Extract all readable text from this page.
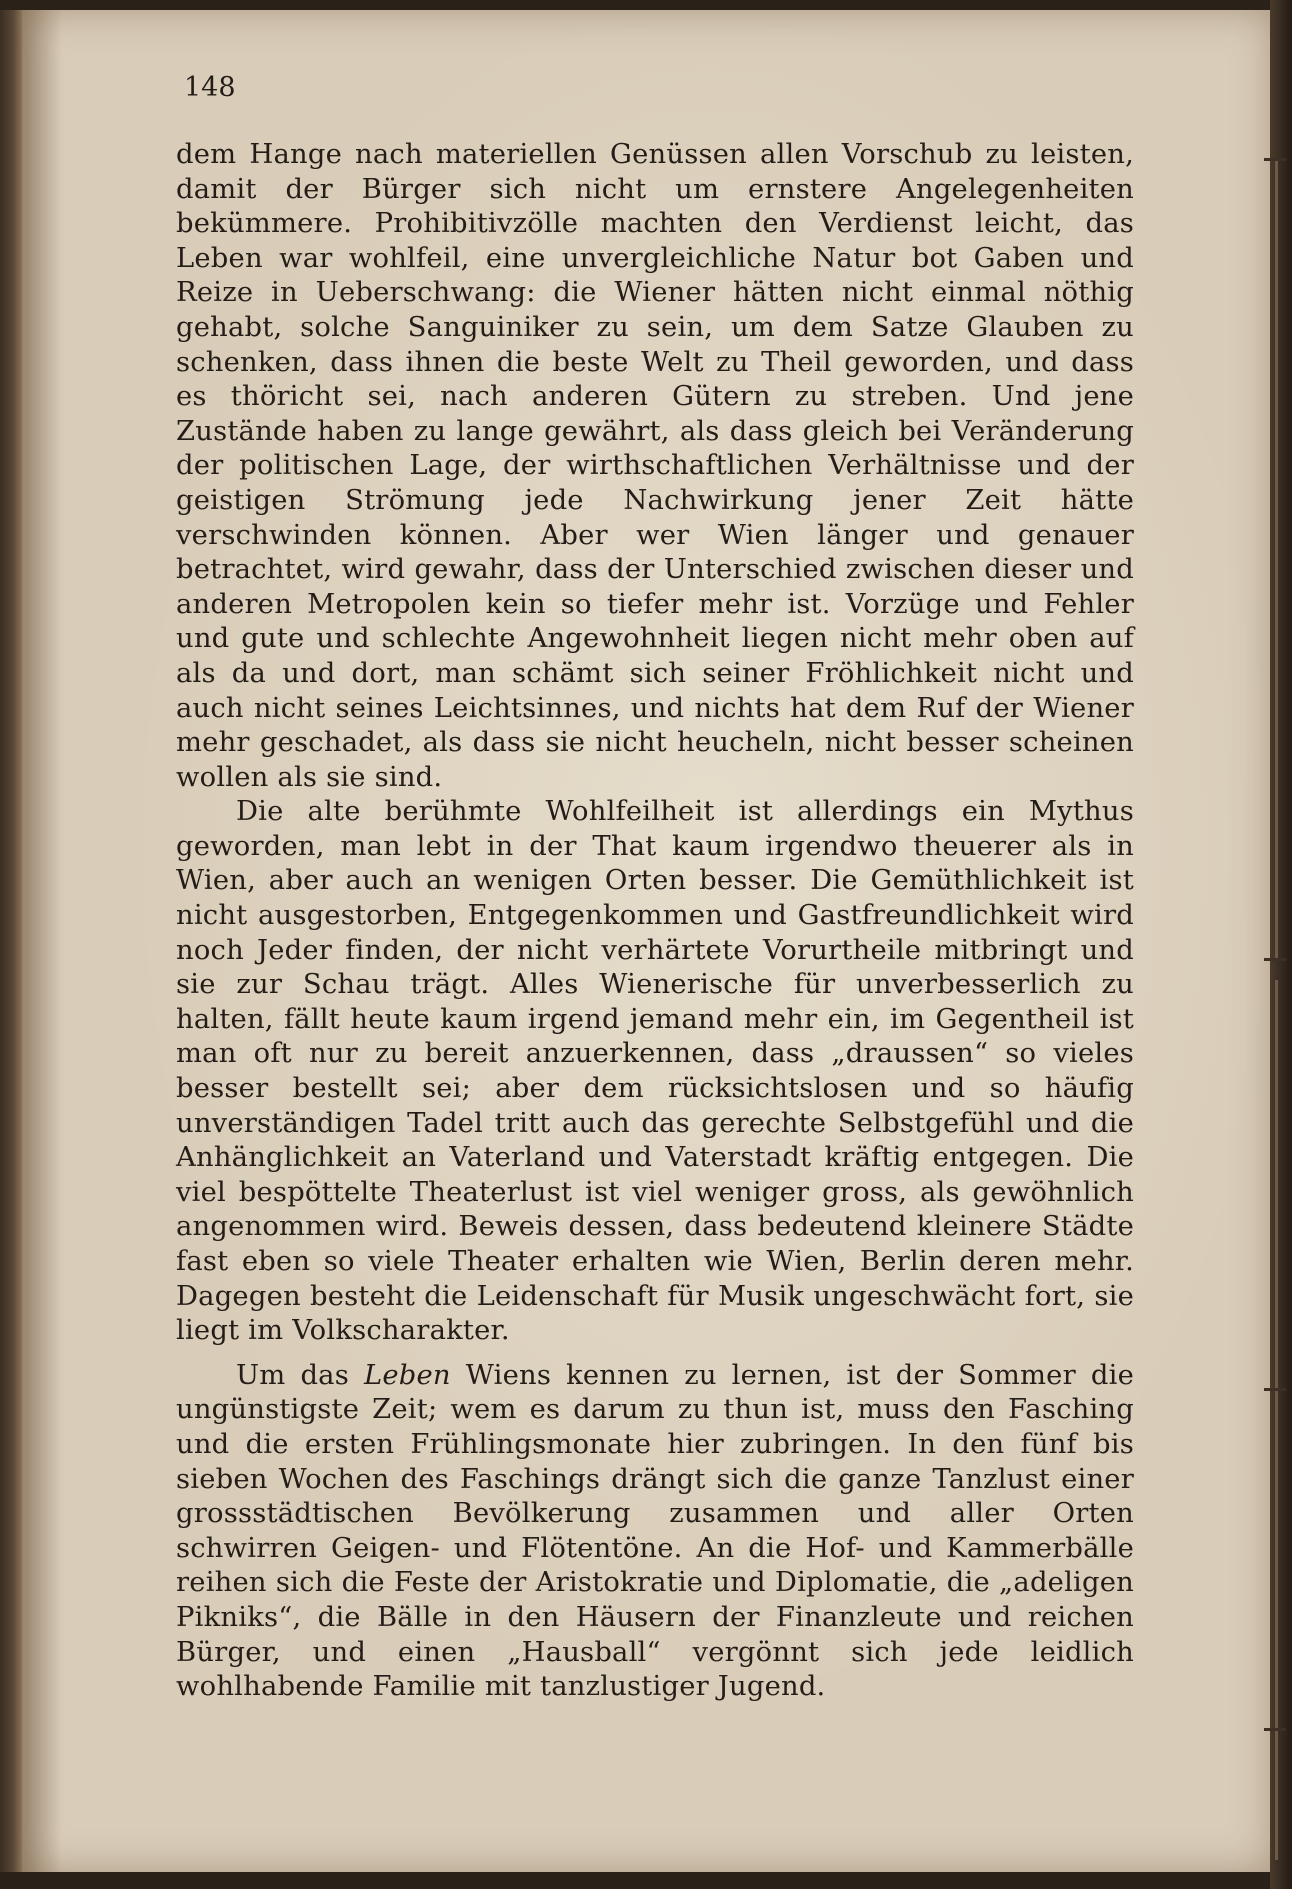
148

dem Hange nach materiellen Genüssen allen Vorschub zu leisten, damit der Bürger sich nicht um ernstere Angelegenheiten bekümmere. Prohibitivzölle machten den Verdienst leicht, das Leben war wohlfeil, eine unvergleichliche Natur bot Gaben und Reize in Ueberschwang: die Wiener hätten nicht einmal nöthig gehabt, solche Sanguiniker zu sein, um dem Satze Glauben zu schenken, dass ihnen die beste Welt zu Theil geworden, und dass es thöricht sei, nach anderen Gütern zu streben. Und jene Zustände haben zu lange gewährt, als dass gleich bei Veränderung der politischen Lage, der wirthschaftlichen Verhältnisse und der geistigen Strömung jede Nachwirkung jener Zeit hätte verschwinden können. Aber wer Wien länger und genauer betrachtet, wird gewahr, dass der Unterschied zwischen dieser und anderen Metropolen kein so tiefer mehr ist. Vorzüge und Fehler und gute und schlechte Angewohnheit liegen nicht mehr oben auf als da und dort, man schämt sich seiner Fröhlichkeit nicht und auch nicht seines Leichtsinnes, und nichts hat dem Ruf der Wiener mehr geschadet, als dass sie nicht heucheln, nicht besser scheinen wollen als sie sind.

Die alte berühmte Wohlfeilheit ist allerdings ein Mythus geworden, man lebt in der That kaum irgendwo theuerer als in Wien, aber auch an wenigen Orten besser. Die Gemüthlichkeit ist nicht ausgestorben, Entgegenkommen und Gastfreundlichkeit wird noch Jeder finden, der nicht verhärtete Vorurtheile mitbringt und sie zur Schau trägt. Alles Wienerische für unverbesserlich zu halten, fällt heute kaum irgend jemand mehr ein, im Gegentheil ist man oft nur zu bereit anzuerkennen, dass „draussen“ so vieles besser bestellt sei; aber dem rücksichtslosen und so häufig unverständigen Tadel tritt auch das gerechte Selbstgefühl und die Anhänglichkeit an Vaterland und Vaterstadt kräftig entgegen. Die viel bespöttelte Theaterlust ist viel weniger gross, als gewöhnlich angenommen wird. Beweis dessen, dass bedeutend kleinere Städte fast eben so viele Theater erhalten wie Wien, Berlin deren mehr. Dagegen besteht die Leidenschaft für Musik ungeschwächt fort, sie liegt im Volkscharakter.

Um das Leben Wiens kennen zu lernen, ist der Sommer die ungünstigste Zeit; wem es darum zu thun ist, muss den Fasching und die ersten Frühlingsmonate hier zubringen. In den fünf bis sieben Wochen des Faschings drängt sich die ganze Tanzlust einer grossstädtischen Bevölkerung zusammen und aller Orten schwirren Geigen- und Flötentöne. An die Hof- und Kammerbälle reihen sich die Feste der Aristokratie und Diplomatie, die „adeligen Pikniks“, die Bälle in den Häusern der Finanzleute und reichen Bürger, und einen „Hausball“ vergönnt sich jede leidlich wohlhabende Familie mit tanzlustiger Jugend.
